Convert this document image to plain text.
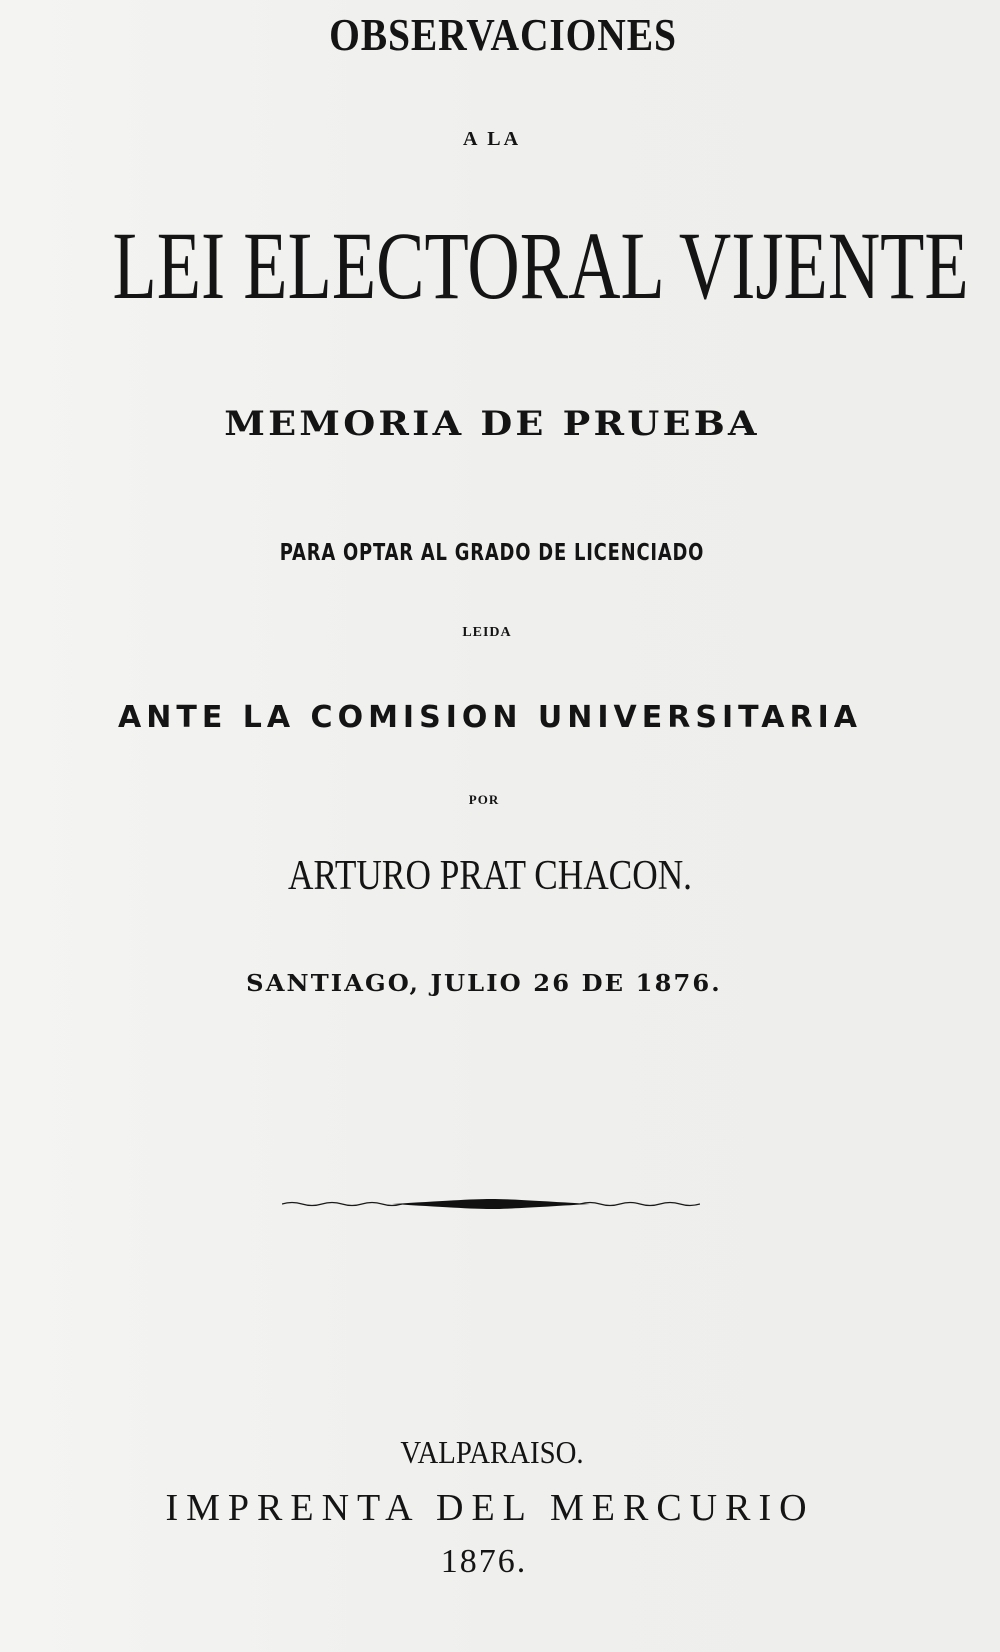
OBSERVACIONES

A LA

LEI ELECTORAL VIJENTE

MEMORIA DE PRUEBA

PARA OPTAR AL GRADO DE LICENCIADO

LEIDA

ANTE LA COMISION UNIVERSITARIA

POR

ARTURO PRAT CHACON.

SANTIAGO, JULIO 26 DE 1876.

VALPARAISO.

IMPRENTA DEL MERCURIO

1876.
